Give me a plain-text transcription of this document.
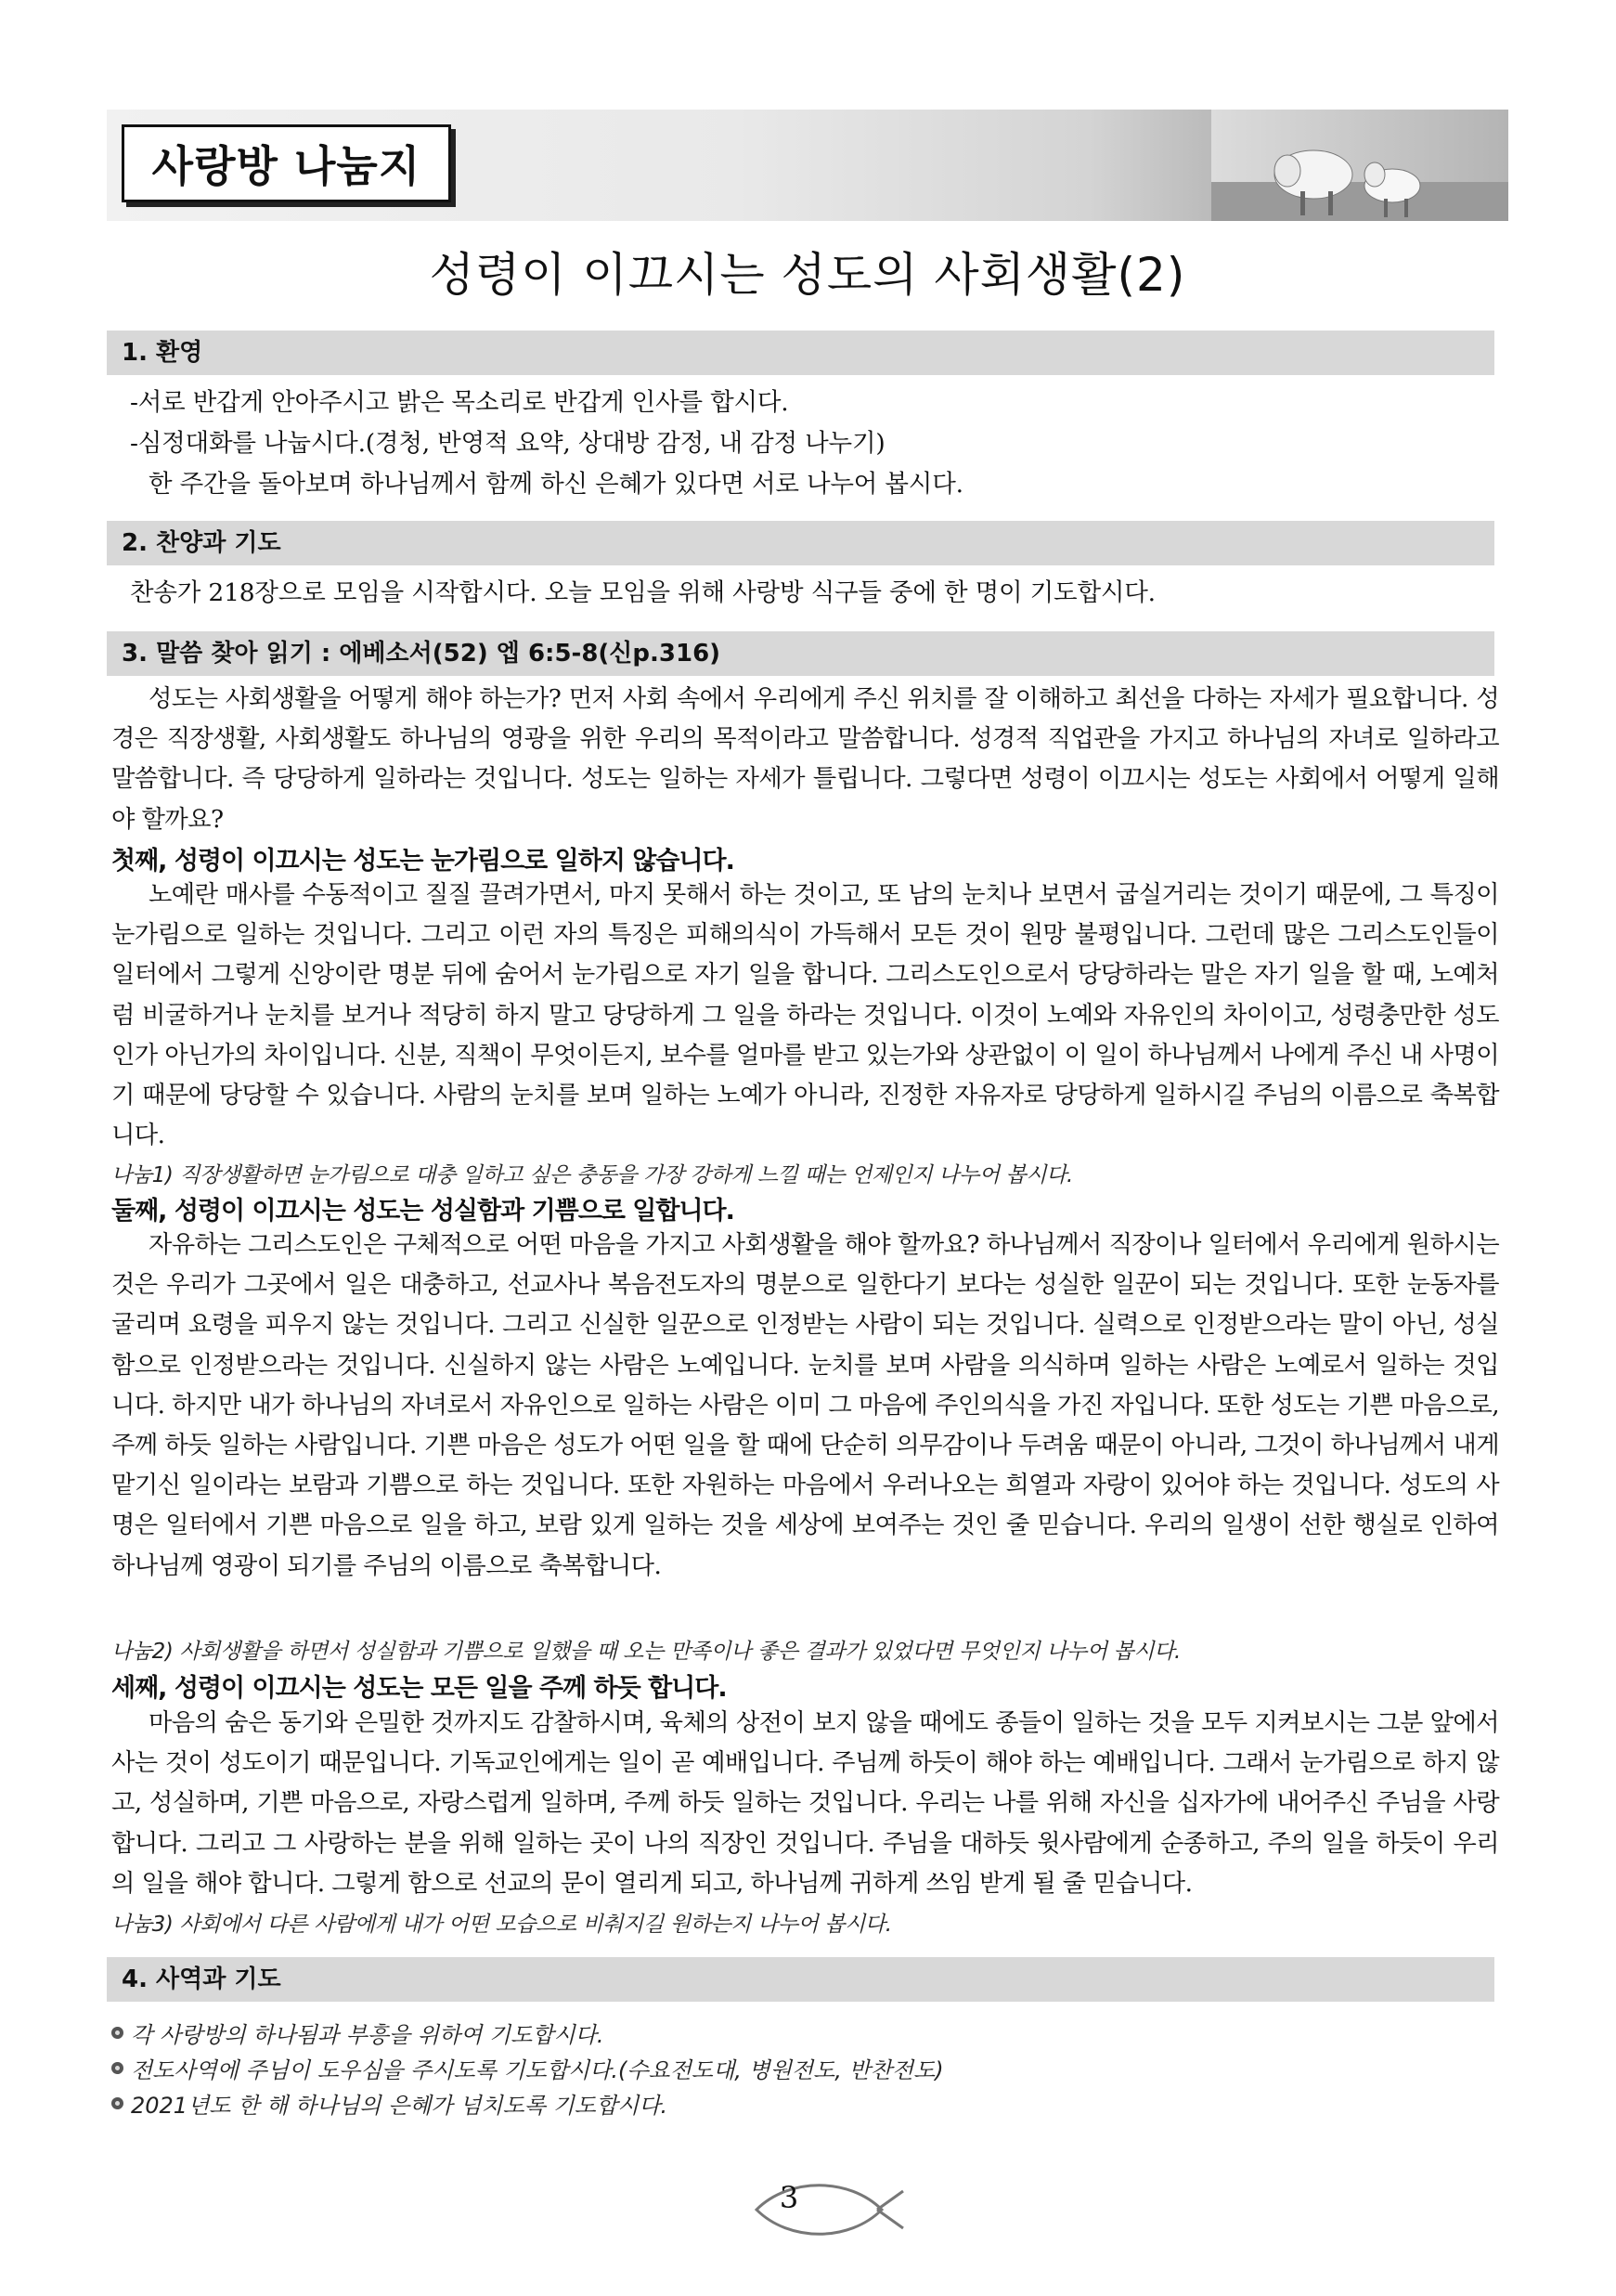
사랑방 나눔지
성령이 이끄시는 성도의 사회생활(2)
1. 환영
-서로 반갑게 안아주시고 밝은 목소리로 반갑게 인사를 합시다.
-심정대화를 나눕시다.(경청, 반영적 요약, 상대방 감정, 내 감정 나누기)
한 주간을 돌아보며 하나님께서 함께 하신 은혜가 있다면 서로 나누어 봅시다.
2. 찬양과 기도
찬송가 218장으로 모임을 시작합시다. 오늘 모임을 위해 사랑방 식구들 중에 한 명이 기도합시다.
3. 말씀 찾아 읽기 : 에베소서(52) 엡 6:5-8(신p.316)

성도는 사회생활을 어떻게 해야 하는가? 먼저 사회 속에서 우리에게 주신 위치를 잘 이해하고 최선을 다하는 자세가 필요합니다. 성경은 직장생활, 사회생활도 하나님의 영광을 위한 우리의 목적이라고 말씀합니다. 성경적 직업관을 가지고 하나님의 자녀로 일하라고 말씀합니다. 즉 당당하게 일하라는 것입니다. 성도는 일하는 자세가 틀립니다. 그렇다면 성령이 이끄시는 성도는 사회에서 어떻게 일해야 할까요?

첫째, 성령이 이끄시는 성도는 눈가림으로 일하지 않습니다.

노예란 매사를 수동적이고 질질 끌려가면서, 마지 못해서 하는 것이고, 또 남의 눈치나 보면서 굽실거리는 것이기 때문에, 그 특징이 눈가림으로 일하는 것입니다. 그리고 이런 자의 특징은 피해의식이 가득해서 모든 것이 원망 불평입니다. 그런데 많은 그리스도인들이 일터에서 그렇게 신앙이란 명분 뒤에 숨어서 눈가림으로 자기 일을 합니다. 그리스도인으로서 당당하라는 말은 자기 일을 할 때, 노예처럼 비굴하거나 눈치를 보거나 적당히 하지 말고 당당하게 그 일을 하라는 것입니다. 이것이 노예와 자유인의 차이이고, 성령충만한 성도인가 아닌가의 차이입니다. 신분, 직책이 무엇이든지, 보수를 얼마를 받고 있는가와 상관없이 이 일이 하나님께서 나에게 주신 내 사명이기 때문에 당당할 수 있습니다. 사람의 눈치를 보며 일하는 노예가 아니라, 진정한 자유자로 당당하게 일하시길 주님의 이름으로 축복합니다.

나눔1) 직장생활하면 눈가림으로 대충 일하고 싶은 충동을 가장 강하게 느낄 때는 언제인지 나누어 봅시다.
둘째, 성령이 이끄시는 성도는 성실함과 기쁨으로 일합니다.

자유하는 그리스도인은 구체적으로 어떤 마음을 가지고 사회생활을 해야 할까요? 하나님께서 직장이나 일터에서 우리에게 원하시는 것은 우리가 그곳에서 일은 대충하고, 선교사나 복음전도자의 명분으로 일한다기 보다는 성실한 일꾼이 되는 것입니다. 또한 눈동자를 굴리며 요령을 피우지 않는 것입니다. 그리고 신실한 일꾼으로 인정받는 사람이 되는 것입니다. 실력으로 인정받으라는 말이 아닌, 성실함으로 인정받으라는 것입니다. 신실하지 않는 사람은 노예입니다. 눈치를 보며 사람을 의식하며 일하는 사람은 노예로서 일하는 것입니다. 하지만 내가 하나님의 자녀로서 자유인으로 일하는 사람은 이미 그 마음에 주인의식을 가진 자입니다. 또한 성도는 기쁜 마음으로, 주께 하듯 일하는 사람입니다. 기쁜 마음은 성도가 어떤 일을 할 때에 단순히 의무감이나 두려움 때문이 아니라, 그것이 하나님께서 내게 맡기신 일이라는 보람과 기쁨으로 하는 것입니다. 또한 자원하는 마음에서 우러나오는 희열과 자랑이 있어야 하는 것입니다. 성도의 사명은 일터에서 기쁜 마음으로 일을 하고, 보람 있게 일하는 것을 세상에 보여주는 것인 줄 믿습니다. 우리의 일생이 선한 행실로 인하여 하나님께 영광이 되기를 주님의 이름으로 축복합니다.

나눔2) 사회생활을 하면서 성실함과 기쁨으로 일했을 때 오는 만족이나 좋은 결과가 있었다면 무엇인지 나누어 봅시다.
세째, 성령이 이끄시는 성도는 모든 일을 주께 하듯 합니다.

마음의 숨은 동기와 은밀한 것까지도 감찰하시며, 육체의 상전이 보지 않을 때에도 종들이 일하는 것을 모두 지켜보시는 그분 앞에서 사는 것이 성도이기 때문입니다. 기독교인에게는 일이 곧 예배입니다. 주님께 하듯이 해야 하는 예배입니다. 그래서 눈가림으로 하지 않고, 성실하며, 기쁜 마음으로, 자랑스럽게 일하며, 주께 하듯 일하는 것입니다. 우리는 나를 위해 자신을 십자가에 내어주신 주님을 사랑합니다. 그리고 그 사랑하는 분을 위해 일하는 곳이 나의 직장인 것입니다. 주님을 대하듯 윗사람에게 순종하고, 주의 일을 하듯이 우리의 일을 해야 합니다. 그렇게 함으로 선교의 문이 열리게 되고, 하나님께 귀하게 쓰임 받게 될 줄 믿습니다.

나눔3) 사회에서 다른 사람에게 내가 어떤 모습으로 비춰지길 원하는지 나누어 봅시다.
4. 사역과 기도
각 사랑방의 하나됨과 부흥을 위하여 기도합시다.
전도사역에 주님이 도우심을 주시도록 기도합시다.(수요전도대, 병원전도, 반찬전도)
2021년도 한 해 하나님의 은혜가 넘치도록 기도합시다.
3
